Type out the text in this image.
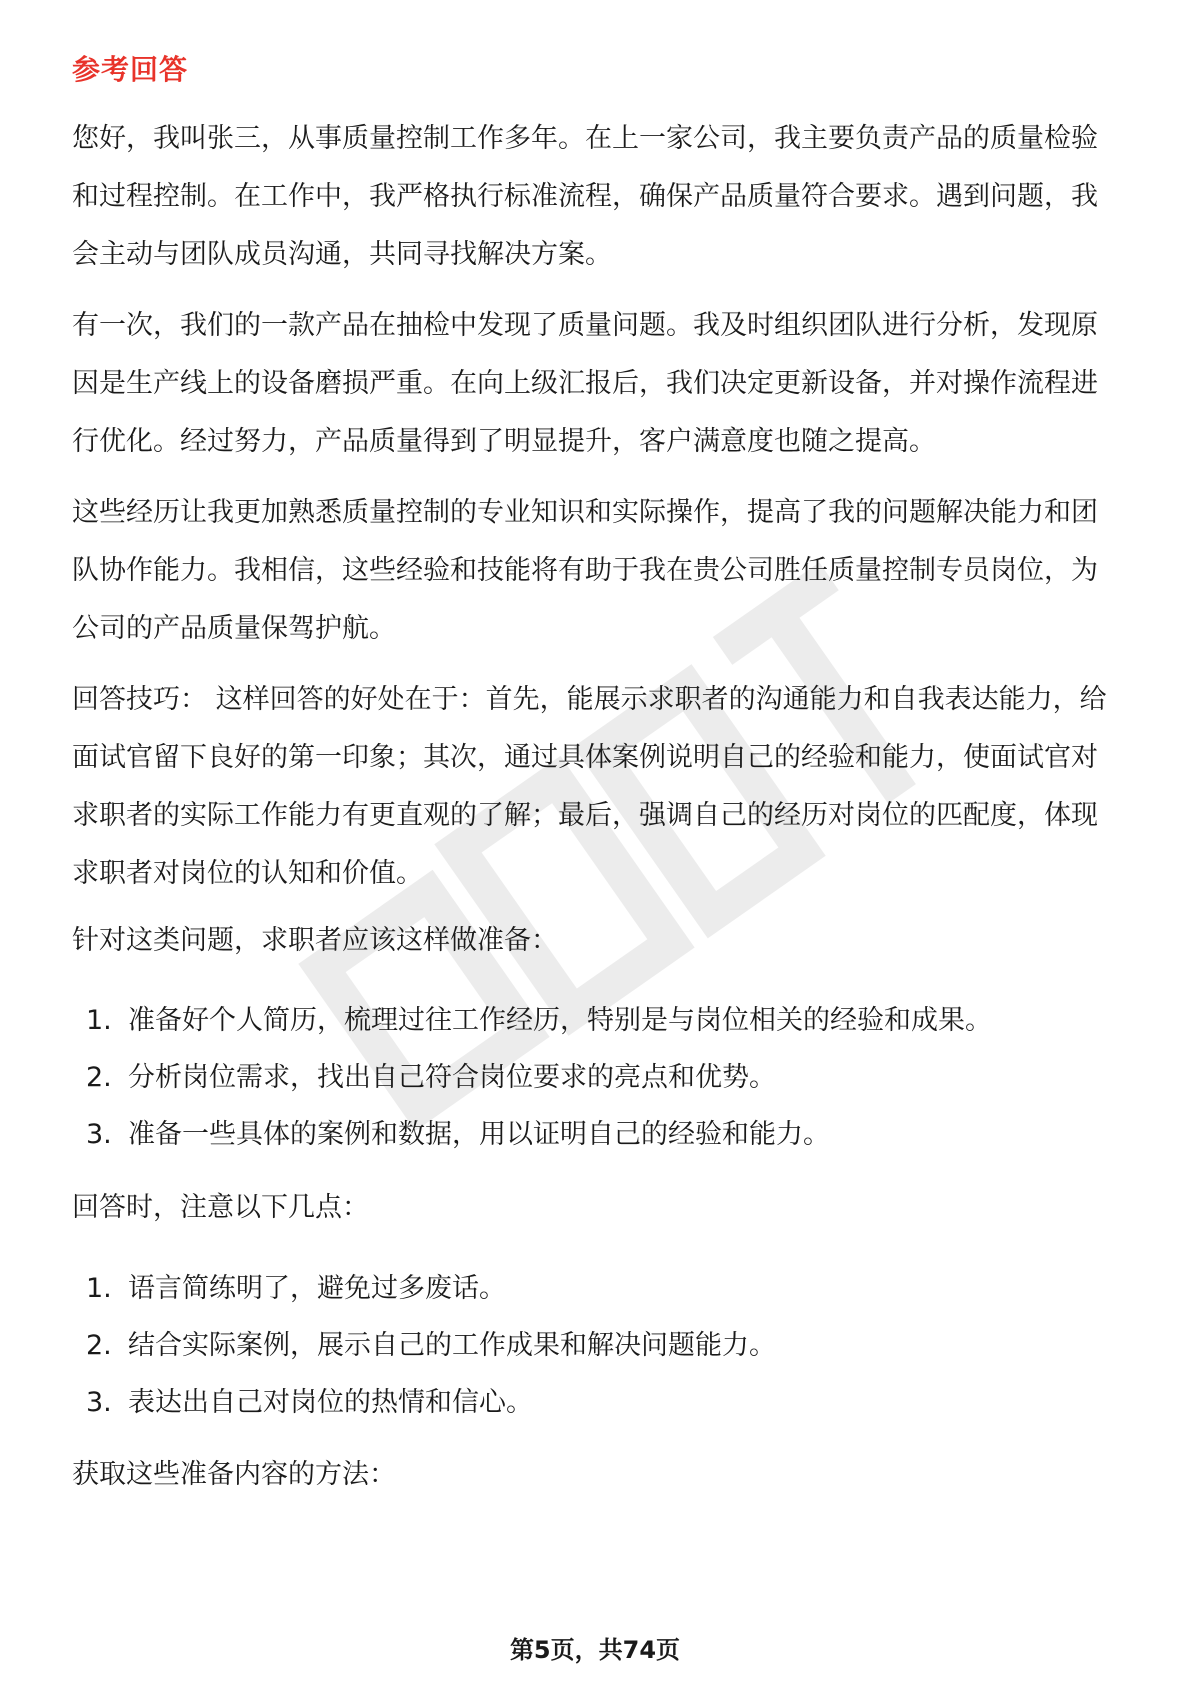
参考回答

您好，我叫张三，从事质量控制工作多年。在上一家公司，我主要负责产品的质量检验和过程控制。在工作中，我严格执行标准流程，确保产品质量符合要求。遇到问题，我会主动与团队成员沟通，共同寻找解决方案。

有一次，我们的一款产品在抽检中发现了质量问题。我及时组织团队进行分析，发现原因是生产线上的设备磨损严重。在向上级汇报后，我们决定更新设备，并对操作流程进行优化。经过努力，产品质量得到了明显提升，客户满意度也随之提高。

这些经历让我更加熟悉质量控制的专业知识和实际操作，提高了我的问题解决能力和团队协作能力。我相信，这些经验和技能将有助于我在贵公司胜任质量控制专员岗位，为公司的产品质量保驾护航。

回答技巧： 这样回答的好处在于：首先，能展示求职者的沟通能力和自我表达能力，给面试官留下良好的第一印象；其次，通过具体案例说明自己的经验和能力，使面试官对求职者的实际工作能力有更直观的了解；最后，强调自己的经历对岗位的匹配度，体现求职者对岗位的认知和价值。

针对这类问题，求职者应该这样做准备：

1. 准备好个人简历，梳理过往工作经历，特别是与岗位相关的经验和成果。
2. 分析岗位需求，找出自己符合岗位要求的亮点和优势。
3. 准备一些具体的案例和数据，用以证明自己的经验和能力。

回答时，注意以下几点：

1. 语言简练明了，避免过多废话。
2. 结合实际案例，展示自己的工作成果和解决问题能力。
3. 表达出自己对岗位的热情和信心。

获取这些准备内容的方法：

第5页，共74页
